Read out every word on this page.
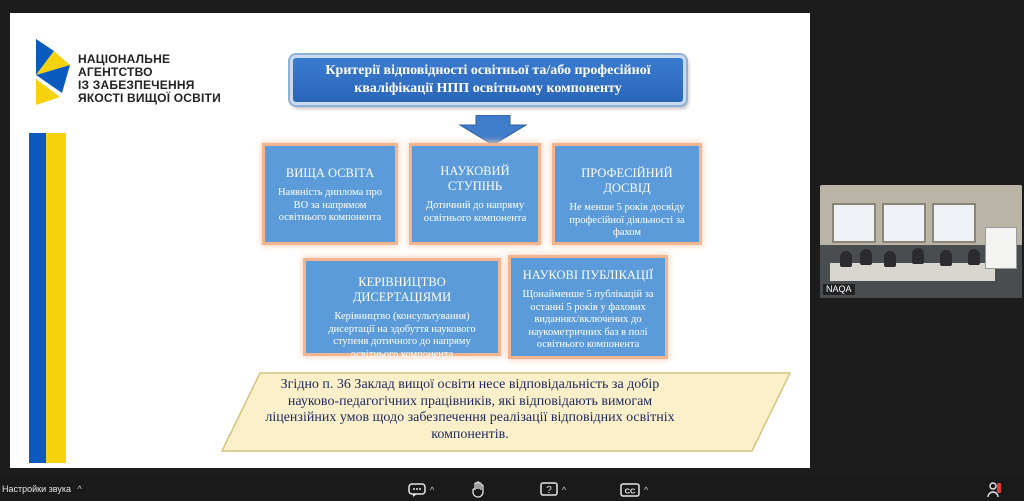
НАЦІОНАЛЬНЕ
АГЕНТСТВО
ІЗ ЗАБЕЗПЕЧЕННЯ
ЯКОСТІ ВИЩОЇ ОСВІТИ
Критерії відповідності освітньої та/або професійної кваліфікації НПП освітньому компоненту
ВИЩА ОСВІТА
Наявність диплома про ВО за напрямом освітнього компонента
НАУКОВИЙ СТУПІНЬ
Дотичний до напряму освітнього компонента
ПРОФЕСІЙНИЙ ДОСВІД
Не менше 5 років досвіду професійної діяльності за фахом
КЕРІВНИЦТВО ДИСЕРТАЦІЯМИ
Керівництво (консультування) дисертації на здобуття наукового ступеня дотичного до напряму освітнього компонента
НАУКОВІ ПУБЛІКАЦІЇ
Щонайменше 5 публікацій за останні 5 років у фахових виданнях/включених до наукометричних баз в полі освітнього компонента
Згідно п. 36 Заклад вищої освіти несе відповідальність за добір науково-педагогічних працівників, які відповідають вимогам ліцензійних умов щодо забезпечення реалізації відповідних освітніх компонентів.
NAQA
Настройки звука ^	^	? ^	CC ^
